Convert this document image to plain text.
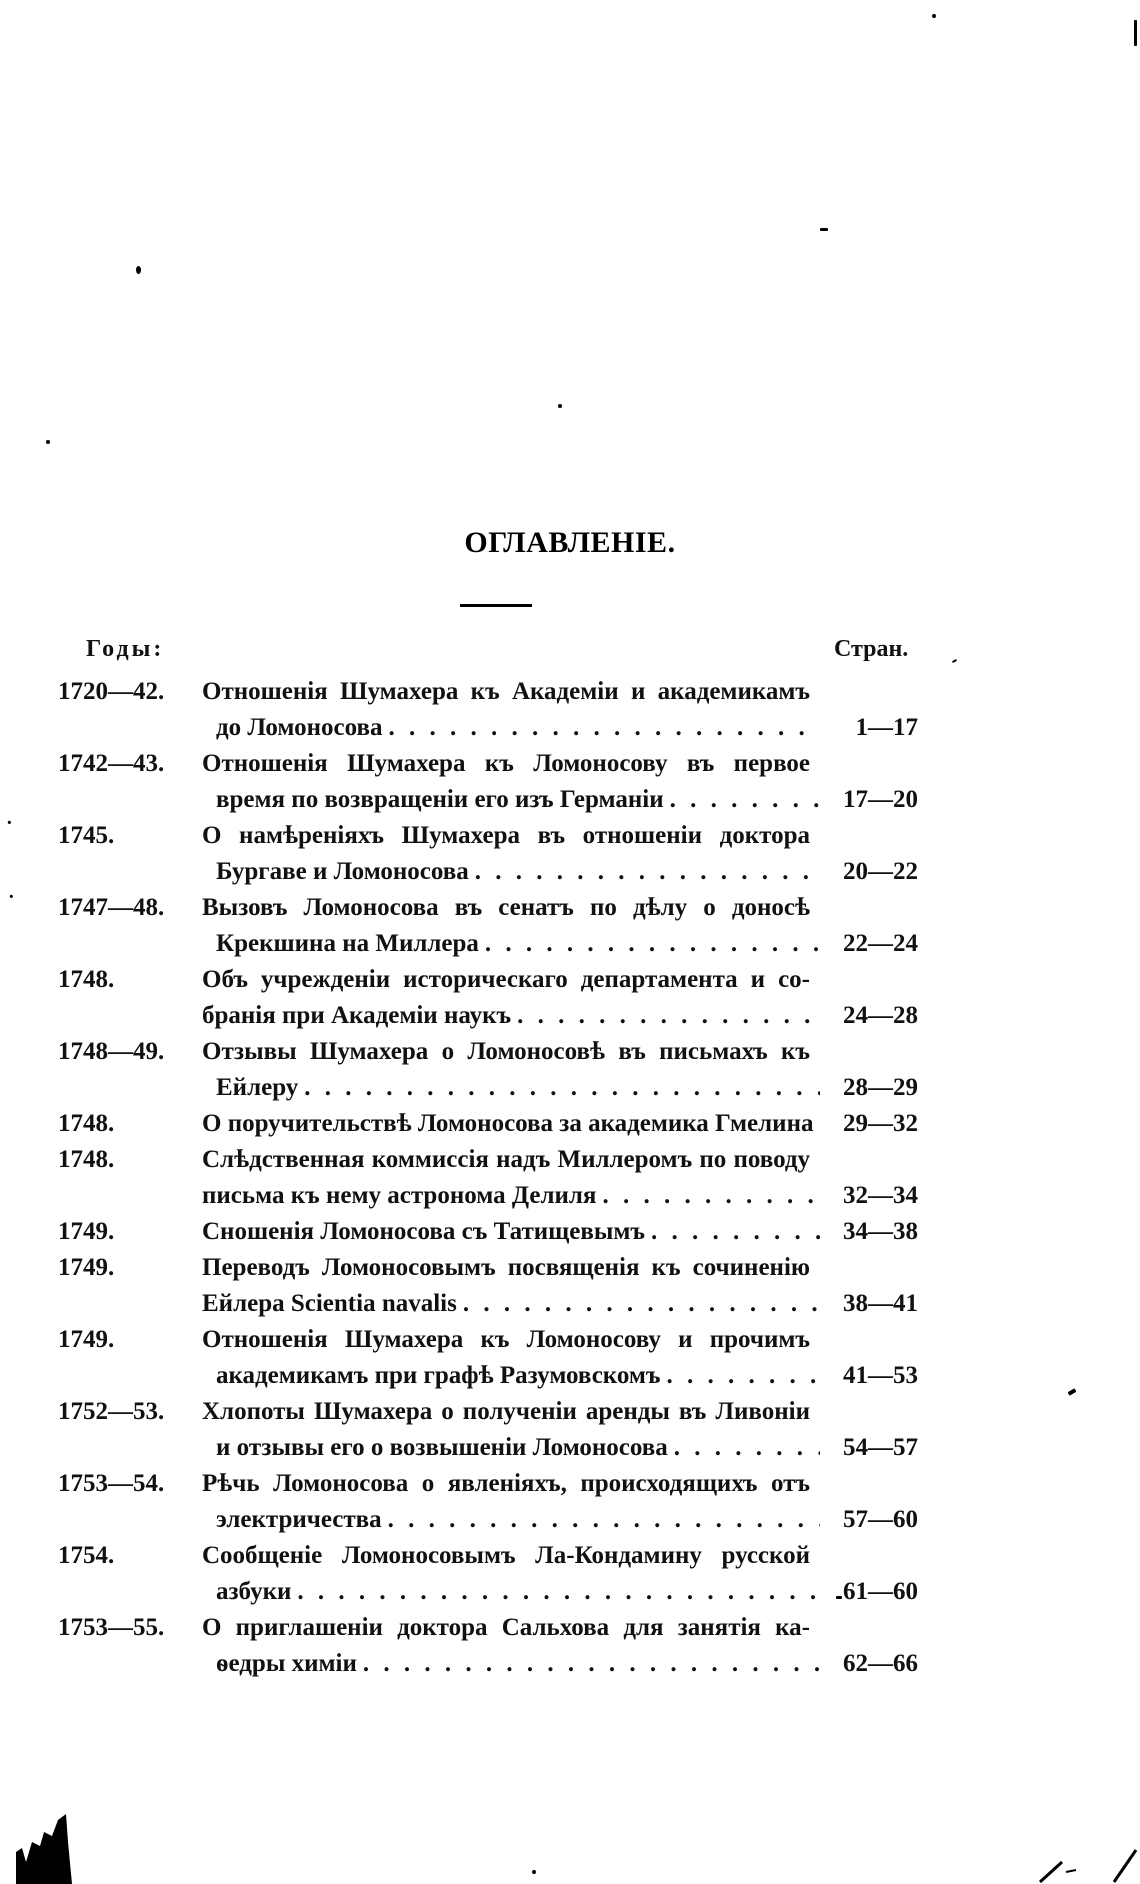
ОГЛАВЛЕНІЕ.
Годы:	Стран.
1720—42. Отношенія Шумахера къ Академіи и академикамъ
до Ломоносова . . .	1—17
1742—43. Отношенія Шумахера къ Ломоносову въ первое
время по возвращеніи его изъ Германіи . . .	17—20
1745.	О намѣреніяхъ Шумахера въ отношеніи доктора
Бургаве и Ломоносова . . .	20—22
1747—48. Вызовъ Ломоносова въ сенатъ по дѣлу о доносѣ
Крекшина на Миллера . . .	22—24
1748.	Объ учрежденіи историческаго департамента и со-
бранія при Академіи наукъ . . .	24—28
1748—49. Отзывы Шумахера о Ломоносовѣ въ письмахъ къ
Ейлеру . . .	28—29
1748.	О поручительствѣ Ломоносова за академика Гмелина . . .	29—32
1748.	Слѣдственная коммиссія надъ Миллеромъ по поводу
письма къ нему астронома Делиля . . .	32—34
1749.	Сношенія Ломоносова съ Татищевымъ . . .	34—38
1749.	Переводъ Ломоносовымъ посвященія къ сочиненію
Ейлера Scientia navalis . . .	38—41
1749.	Отношенія Шумахера къ Ломоносову и прочимъ
академикамъ при графѣ Разумовскомъ . . .	41—53
1752—53. Хлопоты Шумахера о полученіи аренды въ Ливоніи
и отзывы его о возвышеніи Ломоносова . . .	54—57
1753—54. Рѣчь Ломоносова о явленіяхъ, происходящихъ отъ
электричества . . .	57—60
1754.	Сообщеніе Ломоносовымъ Ла-Кондамину русской
азбуки . . .	61—60
1753—55. О приглашеніи доктора Сальхова для занятія ка-
ѳедры химіи . . .	62—66
·
·
